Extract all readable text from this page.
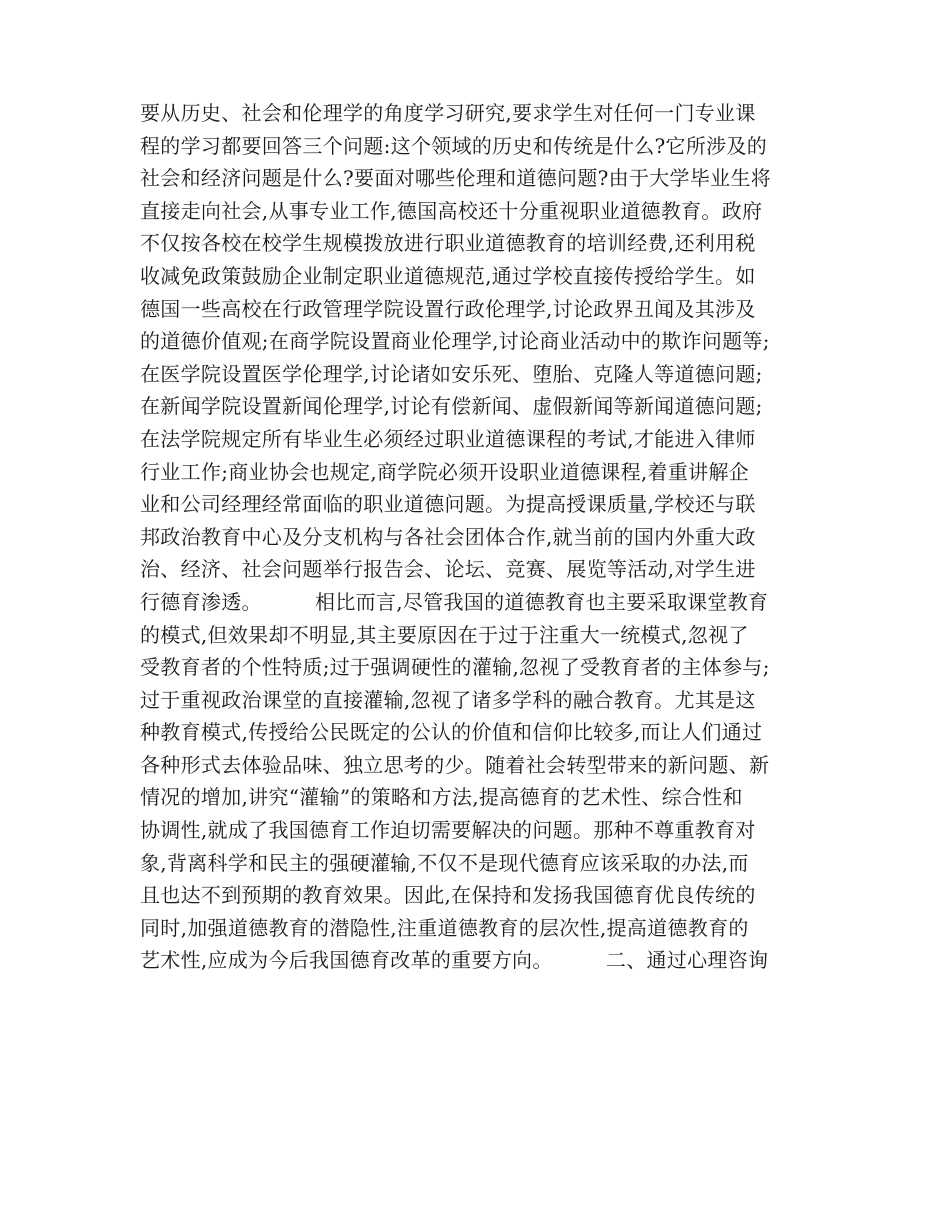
要从历史、社会和伦理学的角度学习研究,要求学生对任何一门专业课
程的学习都要回答三个问题:这个领域的历史和传统是什么?它所涉及的
社会和经济问题是什么?要面对哪些伦理和道德问题?由于大学毕业生将
直接走向社会,从事专业工作,德国高校还十分重视职业道德教育。政府
不仅按各校在校学生规模拨放进行职业道德教育的培训经费,还利用税
收减免政策鼓励企业制定职业道德规范,通过学校直接传授给学生。如
德国一些高校在行政管理学院设置行政伦理学,讨论政界丑闻及其涉及
的道德价值观;在商学院设置商业伦理学,讨论商业活动中的欺诈问题等;
在医学院设置医学伦理学,讨论诸如安乐死、堕胎、克隆人等道德问题;
在新闻学院设置新闻伦理学,讨论有偿新闻、虚假新闻等新闻道德问题;
在法学院规定所有毕业生必须经过职业道德课程的考试,才能进入律师
行业工作;商业协会也规定,商学院必须开设职业道德课程,着重讲解企
业和公司经理经常面临的职业道德问题。为提高授课质量,学校还与联
邦政治教育中心及分支机构与各社会团体合作,就当前的国内外重大政
治、经济、社会问题举行报告会、论坛、竞赛、展览等活动,对学生进
行德育渗透。        相比而言,尽管我国的道德教育也主要采取课堂教育
的模式,但效果却不明显,其主要原因在于过于注重大一统模式,忽视了
受教育者的个性特质;过于强调硬性的灌输,忽视了受教育者的主体参与;
过于重视政治课堂的直接灌输,忽视了诸多学科的融合教育。尤其是这
种教育模式,传授给公民既定的公认的价值和信仰比较多,而让人们通过
各种形式去体验品味、独立思考的少。随着社会转型带来的新问题、新
情况的增加,讲究“灌输”的策略和方法,提高德育的艺术性、综合性和
协调性,就成了我国德育工作迫切需要解决的问题。那种不尊重教育对
象,背离科学和民主的强硬灌输,不仅不是现代德育应该采取的办法,而
且也达不到预期的教育效果。因此,在保持和发扬我国德育优良传统的
同时,加强道德教育的潜隐性,注重道德教育的层次性,提高道德教育的
艺术性,应成为今后我国德育改革的重要方向。        二、通过心理咨询
